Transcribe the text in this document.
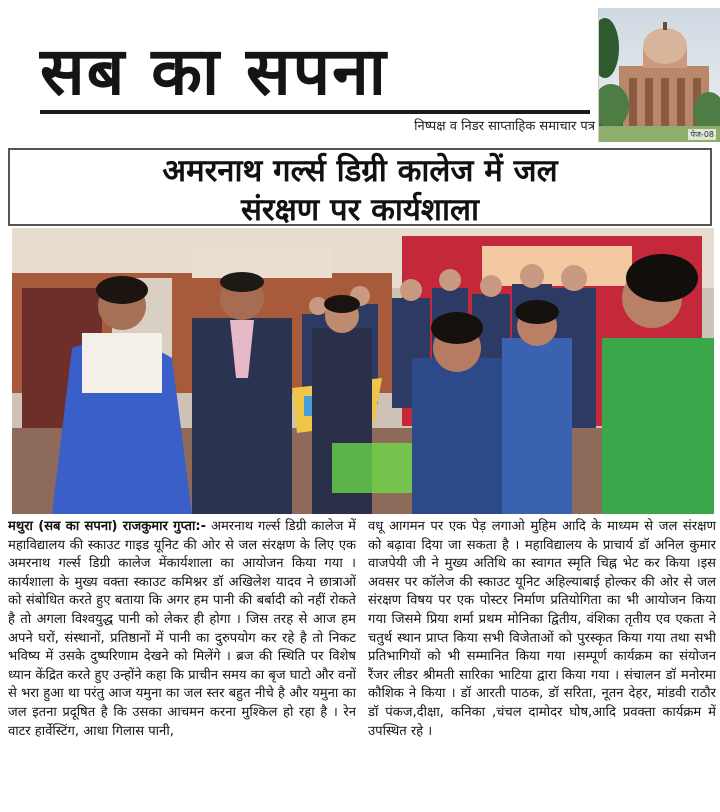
सब का सपना
निष्पक्ष व निडर साप्ताहिक समाचार पत्र
पेज-08
अमरनाथ गर्ल्स डिग्री कालेज में जल
संरक्षण पर कार्यशाला
मथुरा (सब का सपना) राजकुमार गुप्ता:- अमरनाथ गर्ल्स डिग्री कालेज में महाविद्यालय की स्काउट गाइड यूनिट की ओर से जल संरक्षण के लिए एक अमरनाथ गर्ल्स डिग्री कालेज मेंकार्यशाला का आयोजन किया गया । कार्यशाला के मुख्य वक्ता स्काउट कमिश्नर डॉ अखिलेश यादव ने छात्राओं को संबोधित करते हुए बताया कि अगर हम पानी की बर्बादी को नहीं रोकते है तो अगला विश्वयुद्ध पानी को लेकर ही होगा । जिस तरह से आज हम अपने घरों, संस्थानों, प्रतिष्ठानों में पानी का दुरुपयोग कर रहे है तो निकट भविष्य में उसके दुष्परिणाम देखने को मिलेंगे । ब्रज की स्थिति पर विशेष ध्यान केंद्रित करते हुए उन्होंने कहा कि प्राचीन समय का बृज घाटो और वनों से भरा हुआ था परंतु आज यमुना का जल स्तर बहुत नीचे है और यमुना का जल इतना प्रदूषित है कि उसका आचमन करना मुश्किल हो रहा है । रेन वाटर हार्वेस्टिंग, आधा गिलास पानी,
वधू आगमन पर एक पेड़ लगाओ मुहिम आदि के माध्यम से जल संरक्षण को बढ़ावा दिया जा सकता है । महाविद्यालय के प्राचार्य डॉ अनिल कुमार वाजपेयी जी ने मुख्य अतिथि का स्वागत स्मृति चिह्न भेट कर किया ।इस अवसर पर कॉलेज की स्काउट यूनिट अहिल्याबाई होल्कर की ओर से जल संरक्षण विषय पर एक पोस्टर निर्माण प्रतियोगिता का भी आयोजन किया गया जिसमे प्रिया शर्मा प्रथम मोनिका द्वितीय, वंशिका तृतीय एव एकता ने चतुर्थ स्थान प्राप्त किया सभी विजेताओं को पुरस्कृत किया गया तथा सभी प्रतिभागियों को भी सम्मानित किया गया ।सम्पूर्ण कार्यक्रम का संयोजन रैंजर लीडर श्रीमती सारिका भाटिया द्वारा किया गया । संचालन डॉ मनोरमा कौशिक ने किया । डॉ आरती पाठक, डॉ सरिता, नूतन देहर, मांडवी राठौर डॉ पंकज,दीक्षा, कनिका ,चंचल दामोदर घोष,आदि प्रवक्ता कार्यक्रम में उपस्थित रहे ।
